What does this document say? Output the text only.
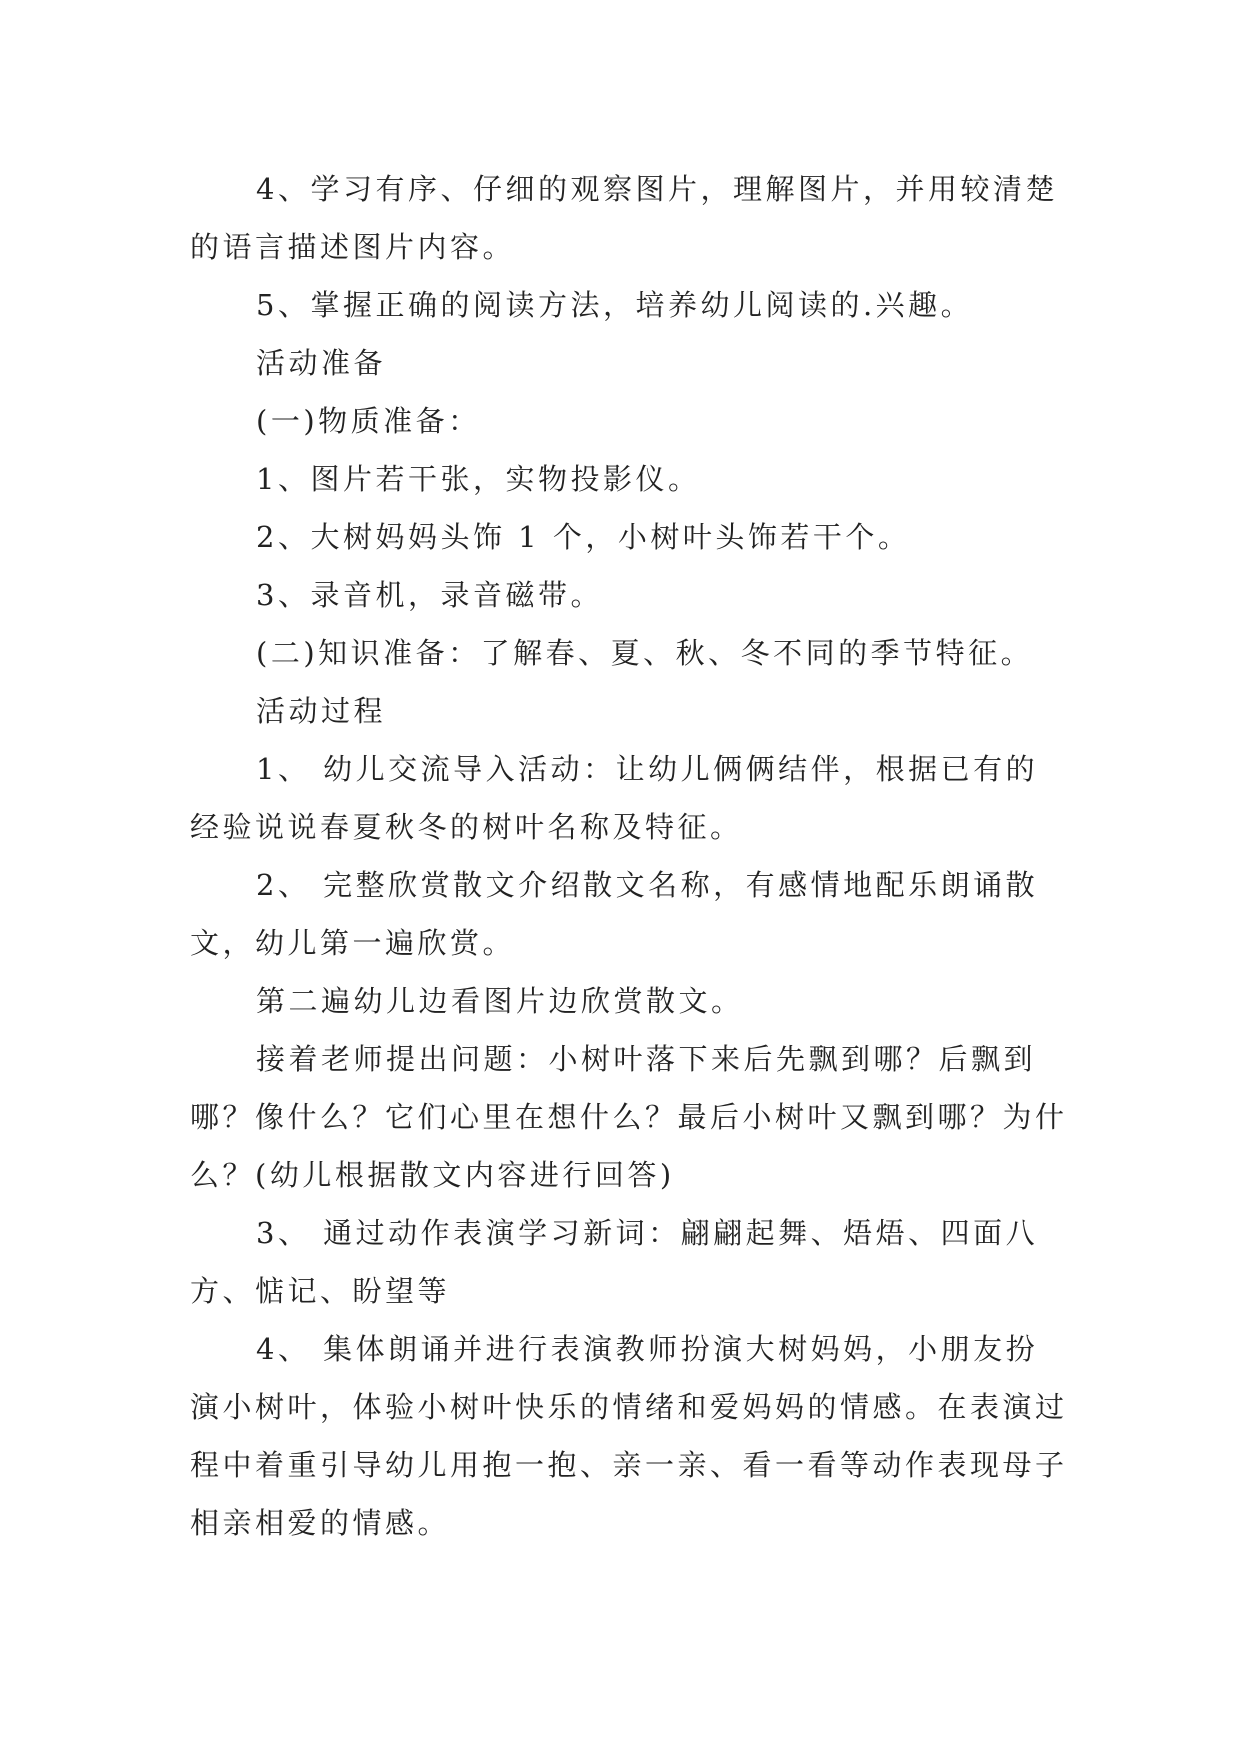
4、学习有序、仔细的观察图片，理解图片，并用较清楚的语言描述图片内容。

5、掌握正确的阅读方法，培养幼儿阅读的.兴趣。

活动准备

(一)物质准备：

1、图片若干张，实物投影仪。

2、大树妈妈头饰 1 个，小树叶头饰若干个。

3、录音机，录音磁带。

(二)知识准备：了解春、夏、秋、冬不同的季节特征。

活动过程

1、 幼儿交流导入活动：让幼儿俩俩结伴，根据已有的经验说说春夏秋冬的树叶名称及特征。

2、 完整欣赏散文介绍散文名称，有感情地配乐朗诵散文，幼儿第一遍欣赏。

第二遍幼儿边看图片边欣赏散文。

接着老师提出问题：小树叶落下来后先飘到哪？后飘到哪？像什么？它们心里在想什么？最后小树叶又飘到哪？为什么？(幼儿根据散文内容进行回答)

3、 通过动作表演学习新词：翩翩起舞、焐焐、四面八方、惦记、盼望等

4、 集体朗诵并进行表演教师扮演大树妈妈，小朋友扮演小树叶，体验小树叶快乐的情绪和爱妈妈的情感。在表演过程中着重引导幼儿用抱一抱、亲一亲、看一看等动作表现母子相亲相爱的情感。
